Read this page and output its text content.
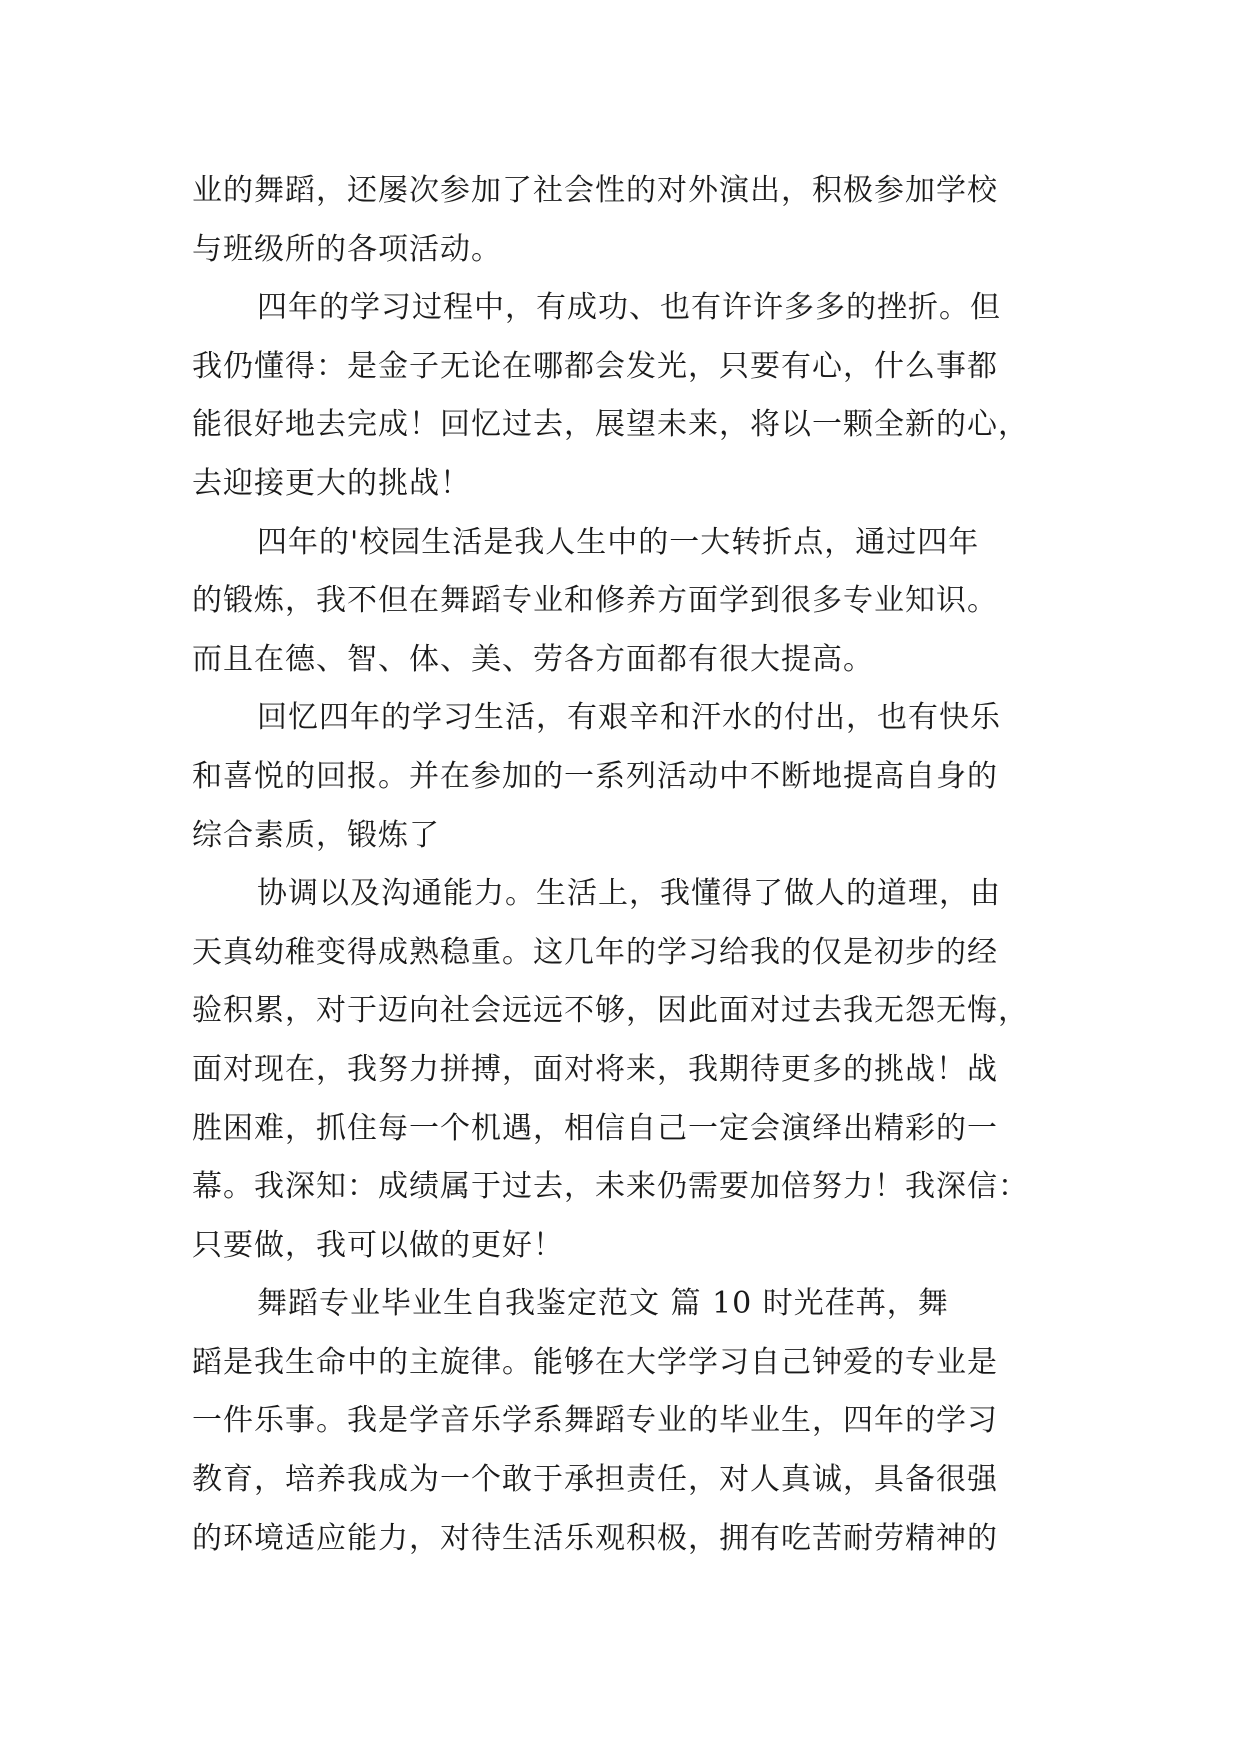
业的舞蹈，还屡次参加了社会性的对外演出，积极参加学校
与班级所的各项活动。
四年的学习过程中，有成功、也有许许多多的挫折。但
我仍懂得：是金子无论在哪都会发光，只要有心，什么事都
能很好地去完成！回忆过去，展望未来，将以一颗全新的心，
去迎接更大的挑战！
四年的'校园生活是我人生中的一大转折点，通过四年
的锻炼，我不但在舞蹈专业和修养方面学到很多专业知识。
而且在德、智、体、美、劳各方面都有很大提高。
回忆四年的学习生活，有艰辛和汗水的付出，也有快乐
和喜悦的回报。并在参加的一系列活动中不断地提高自身的
综合素质，锻炼了
协调以及沟通能力。生活上，我懂得了做人的道理，由
天真幼稚变得成熟稳重。这几年的学习给我的仅是初步的经
验积累，对于迈向社会远远不够，因此面对过去我无怨无悔，
面对现在，我努力拼搏，面对将来，我期待更多的挑战！战
胜困难，抓住每一个机遇，相信自己一定会演绎出精彩的一
幕。我深知：成绩属于过去，未来仍需要加倍努力！我深信：
只要做，我可以做的更好！
舞蹈专业毕业生自我鉴定范文 篇 10 时光荏苒，舞
蹈是我生命中的主旋律。能够在大学学习自己钟爱的专业是
一件乐事。我是学音乐学系舞蹈专业的毕业生，四年的学习
教育，培养我成为一个敢于承担责任，对人真诚，具备很强
的环境适应能力，对待生活乐观积极，拥有吃苦耐劳精神的
